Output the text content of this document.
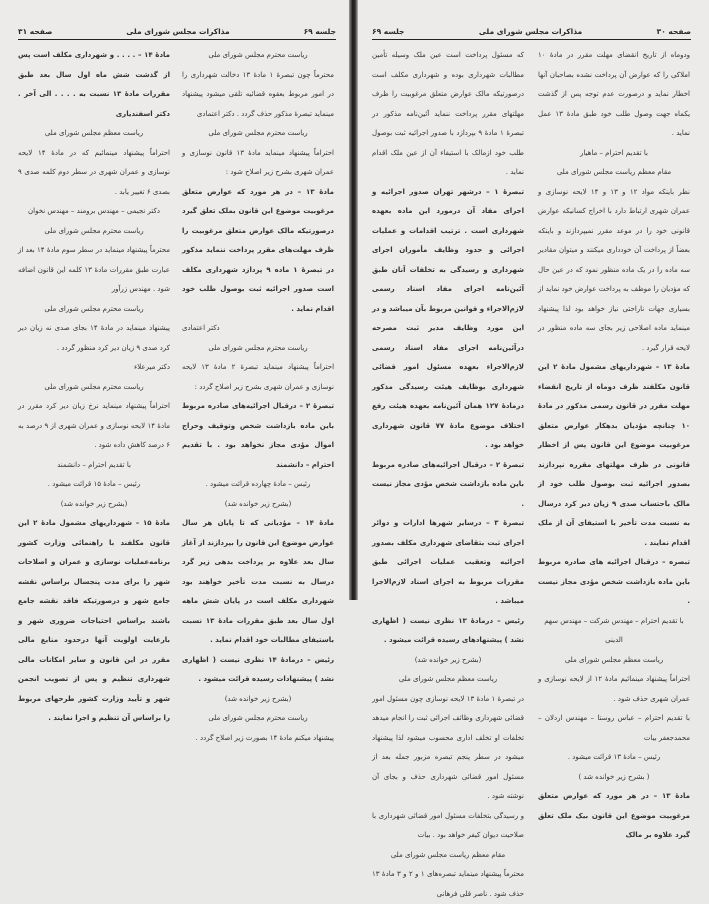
جلسه ۶۹
مذاکرات مجلس شورای ملی
صفحه ۳۱

ریاست محترم مجلس شورای ملی

محترماً چون تبصرهٔ ۱ مادهٔ ۱۳ دخالت شهرداری را در امور مربوط بعقوه قضائیه تلقی میشود پیشنهاد مینماید تبصرهٔ مذکور حذف گردد . دکتر اعتمادی

ریاست محترم مجلس شورای ملی

احتراماً پیشنهاد مینماید مادهٔ ۱۳ قانون نوسازی و عمران شهری بشرح زیر اصلاح شود :

مادهٔ ۱۳ – در هر مورد که عوارض متعلق مرغوبیت موضوع این قانون بملک تعلق گیرد درصورتیکه مالک عوارض متعلق مرغوبیت را ظرف مهلت‌های مقرر پرداخت ننماید مذکور در تبصرهٔ ۱ ماده ۹ پردازد شهرداری مکلف است صدور اجرائیه ثبت بوصول طلب خود اقدام نماید .

دکتر اعتمادی

ریاست محترم مجلس شورای ملی

احتراماً پیشنهاد مینماید تبصرهٔ ۲ مادهٔ ۱۳ لایحه نوسازی و عمران شهری بشرح زیر اصلاح گردد :

تبصرهٔ ۲ – درقبال اجرائیه‌های صادره مربوط باین ماده بازداشت شخص وتوقیف وحراج اموال مؤدی مجاز نخواهد بود . با تقدیم احترام – دانشمند

رئیس – مادهٔ چهارده قرائت میشود .

(بشرح زیر خوانده شد)

مادهٔ ۱۴ – مؤدیانی که تا پایان هر سال عوارض موضوع این قانون را بپردازند از آغاز سال بعد علاوه بر پرداخت بدهی زیر گرد درسال به نسبت مدت تأخیر خواهند بود شهرداری مکلف است در پایان شش ماهه اول سال بعد طبق مقررات مادهٔ ۱۳ نسبت باستیفای مطالبات خود اقدام نماید .

رئیس – درمادهٔ ۱۴ نظری نیست ( اظهاری نشد ) پیشنهادات رسیده قرائت میشود .

(بشرح زیر خوانده شد)

ریاست محترم مجلس شورای ملی

پیشنهاد میکنم مادهٔ ۱۴ بصورت زیر اصلاح گردد .

مادهٔ ۱۴ – . . . . و شهرداری مکلف است پس از گذشت شش ماه اول سال بعد طبق مقررات مادهٔ ۱۳ نسبت به . . . . الی آخر . دکتر اسفندیاری

ریاست معظم مجلس شورای ملی

احتراماً پیشنهاد مینمائیم که در مادهٔ ۱۴ لایحه نوسازی و عمران شهری در سطر دوم کلمه صدی ۹ بصدی ۶ تغییر یابد .

دکتر نجیمی – مهندس برومند – مهندس نخوان

ریاست محترم مجلس شورای ملی

محترماً پیشنهاد مینماید در سطر سوم مادهٔ ۱۴ بعد از عبارت طبق مقررات مادهٔ ۱۳ کلمه این قانون اضافه شود . مهندس زرآور

ریاست محترم مجلس شورای ملی

پیشنهاد مینماید در مادهٔ ۱۴ بجای صدی نه زیان دیر کرد صدی ۹ زیان دیر کرد منظور گردد .

دکتر میرعلاء

ریاست محترم مجلس شورای ملی

احتراماً پیشنهاد مینماید نرخ زیان دیر کرد مقرر در مادهٔ ۱۴ لایحه نوسازی و عمران شهری از ۹ درصد به ۶ درصد کاهش داده شود .

با تقدیم احترام – دانشمند

رئیس – مادهٔ ۱۵ قرائت میشود .

(بشرح زیر خوانده شد)

مادهٔ ۱۵ – شهرداریهای مشمول مادهٔ ۲ این قانون مکلفند با راهنمائی وزارت کشور برنامه‌عملیات نوسازی و عمران و اصلاحات شهر را برای مدت پنجسال براساس نقشه جامع شهر و درصورتیکه فاقد نقشه جامع باشند براساس احتیاجات ضروری شهر و بارعایت اولویت آنها درحدود منابع مالی مقرر در این قانون و سایر امکانات مالی شهرداری تنظیم و پس از تصویب انجمن شهر و تأیید وزارت کشور طرحهای مربوط را براساس آن تنظیم و اجرا نمایند .

صفحه ۳۰
مذاکرات مجلس شورای ملی
جلسه ۶۹

ودوماه از تاریخ انقضای مهلت مقرر در مادهٔ ۱۰ املاکی را که عوارض آن پرداخت نشده بصاحبان آنها اخطار نماید و درصورت عدم توجه پس از گذشت یکماه جهت وصول طلب خود طبق مادهٔ ۱۳ عمل نماید .

با تقدیم احترام – ماهیار

مقام معظم ریاست مجلس شورای ملی

نظر باینکه مواد ۱۲ و ۱۳ و ۱۴ لایحه نوسازی و عمران شهری ارتباط دارد با اخراج کسانیکه عوارض قانونی خود را در موعد مقرر نمیپردازند و باینکه بعضاً از پرداخت آن خودداری میکنند و میتوان مقادیر سه ماده را در یک ماده منظور نمود که در عین حال که مؤدیان را موظف به پرداخت عوارض خود نماید از بسیاری جهات ناراحتی نیاز خواهد بود لذا پیشنهاد مینماید ماده اصلاحی زیر بجای سه ماده منظور در لایحه قرار گیرد .

مادهٔ ۱۳ – شهرداریهای مشمول مادهٔ ۲ این قانون مکلفند ظرف دوماه از تاریخ انقضاء مهلت مقرر در قانون رسمی مذکور در مادهٔ ۱۰ چنانچه مؤدیان بدهکار عوارض متعلق مرغوبیت موضوع این قانون پس از اخطار قانونی در ظرف مهلتهای مقرره نپردازند بصدور اجرائیه ثبت بوصول طلب خود از مالک باحتساب صدی ۹ زیان دیر کرد درسال به نسبت مدت تأخیر با استیفای آن از ملک اقدام نمایند .

تبصره – درقبال اجرائیه های صادره مربوط باین ماده بازداشت شخص مؤدی مجاز نیست .

با تقدیم احترام – مهندس شرکت – مهندس سهم الدینی

ریاست معظم مجلس شورای ملی

احتراماً پیشنهاد مینمائیم مادهٔ ۱۲ از لایحه نوسازی و عمران شهری حذف شود .

با تقدیم احترام – عباس روستا – مهندس اردلان – محمدجعفر بیات

رئیس – مادهٔ ۱۳ قرائت میشود .

( بشرح زیر خوانده شد )

مادهٔ ۱۳ – در هر مورد که عوارض متعلق مرغوبیت موضوع این قانون بیک ملک تعلق گیرد علاوه بر مالک

که مسئول پرداخت است عین ملک وسیله تأمین مطالبات شهرداری بوده و شهرداری مکلف است درصورتیکه مالک عوارض متعلق مرغوبیت را ظرف مهلتهای مقرر پرداخت ننماید آئین‌نامه مذکور در تبصرهٔ ۱ مادهٔ ۹ بپردازد با صدور اجرائیه ثبت بوصول طلب خود ازمالک با استیفاء آن از عین ملک اقدام نماید .

تبصرهٔ ۱ – درشهر تهران صدور اجرائیه و اجرای مفاد آن درمورد این ماده بعهده شهرداری است . ترتیب اقدامات و عملیات اجرائی و حدود وظایف مأموران اجرای شهرداری و رسیدگی به تخلفات آنان طبق آئین‌نامه اجرای مفاد اسناد رسمی لازم‌الاجراء و قوانین مربوط بآن میباشد و در این مورد وظایف مدیر ثبت مصرحه درآئین‌نامه اجرای مفاد اسناد رسمی لازم‌الاجراء بعهده مسئول امور قضائی شهرداری بوظایف هیئت رسیدگی مذکور درمادهٔ ۱۲۷ همان آئین‌نامه بعهده هیئت رفع اختلاف موضوع مادهٔ ۷۷ قانون شهرداری خواهد بود .

تبصرهٔ ۲ – درقبال اجرائیه‌های صادره مربوط باین ماده بازداشت شخص مؤدی مجاز نیست .

تبصرهٔ ۳ – درسایر شهرها ادارات و دوائر اجرای ثبت بتقاضای شهرداری مکلف بصدور اجرائیه وتعقیب عملیات اجرائی طبق مقررات مربوط به اجرای اسناد لازم‌الاجرا میباشد .

رئیس – درمادهٔ ۱۳ نظری نیست ( اظهاری نشد ) پیشنهادهای رسیده قرائت میشود .

(بشرح زیر خوانده شد)

ریاست معظم مجلس شورای ملی

در تبصرهٔ ۱ مادهٔ ۱۳ لایحه نوسازی چون مسئول امور قضائی شهرداری وظائف اجرائی ثبت را انجام میدهد تخلفات او تخلف اداری محسوب میشود لذا پیشنهاد میشود در سطر پنجم تبصره مزبور جمله بعد از مسئول امور قضائی شهرداری حذف و بجای آن نوشته شود .

و رسیدگی بتخلفات مسئول امور قضائی شهرداری با صلاحیت دیوان کیفر خواهد بود . بیات

مقام معظم ریاست مجلس شورای ملی

محترماً پیشنهاد مینماید تبصره‌های ۱ و ۲ و ۳ مادهٔ ۱۳ حذف شود . ناصر قلی فرهانی
